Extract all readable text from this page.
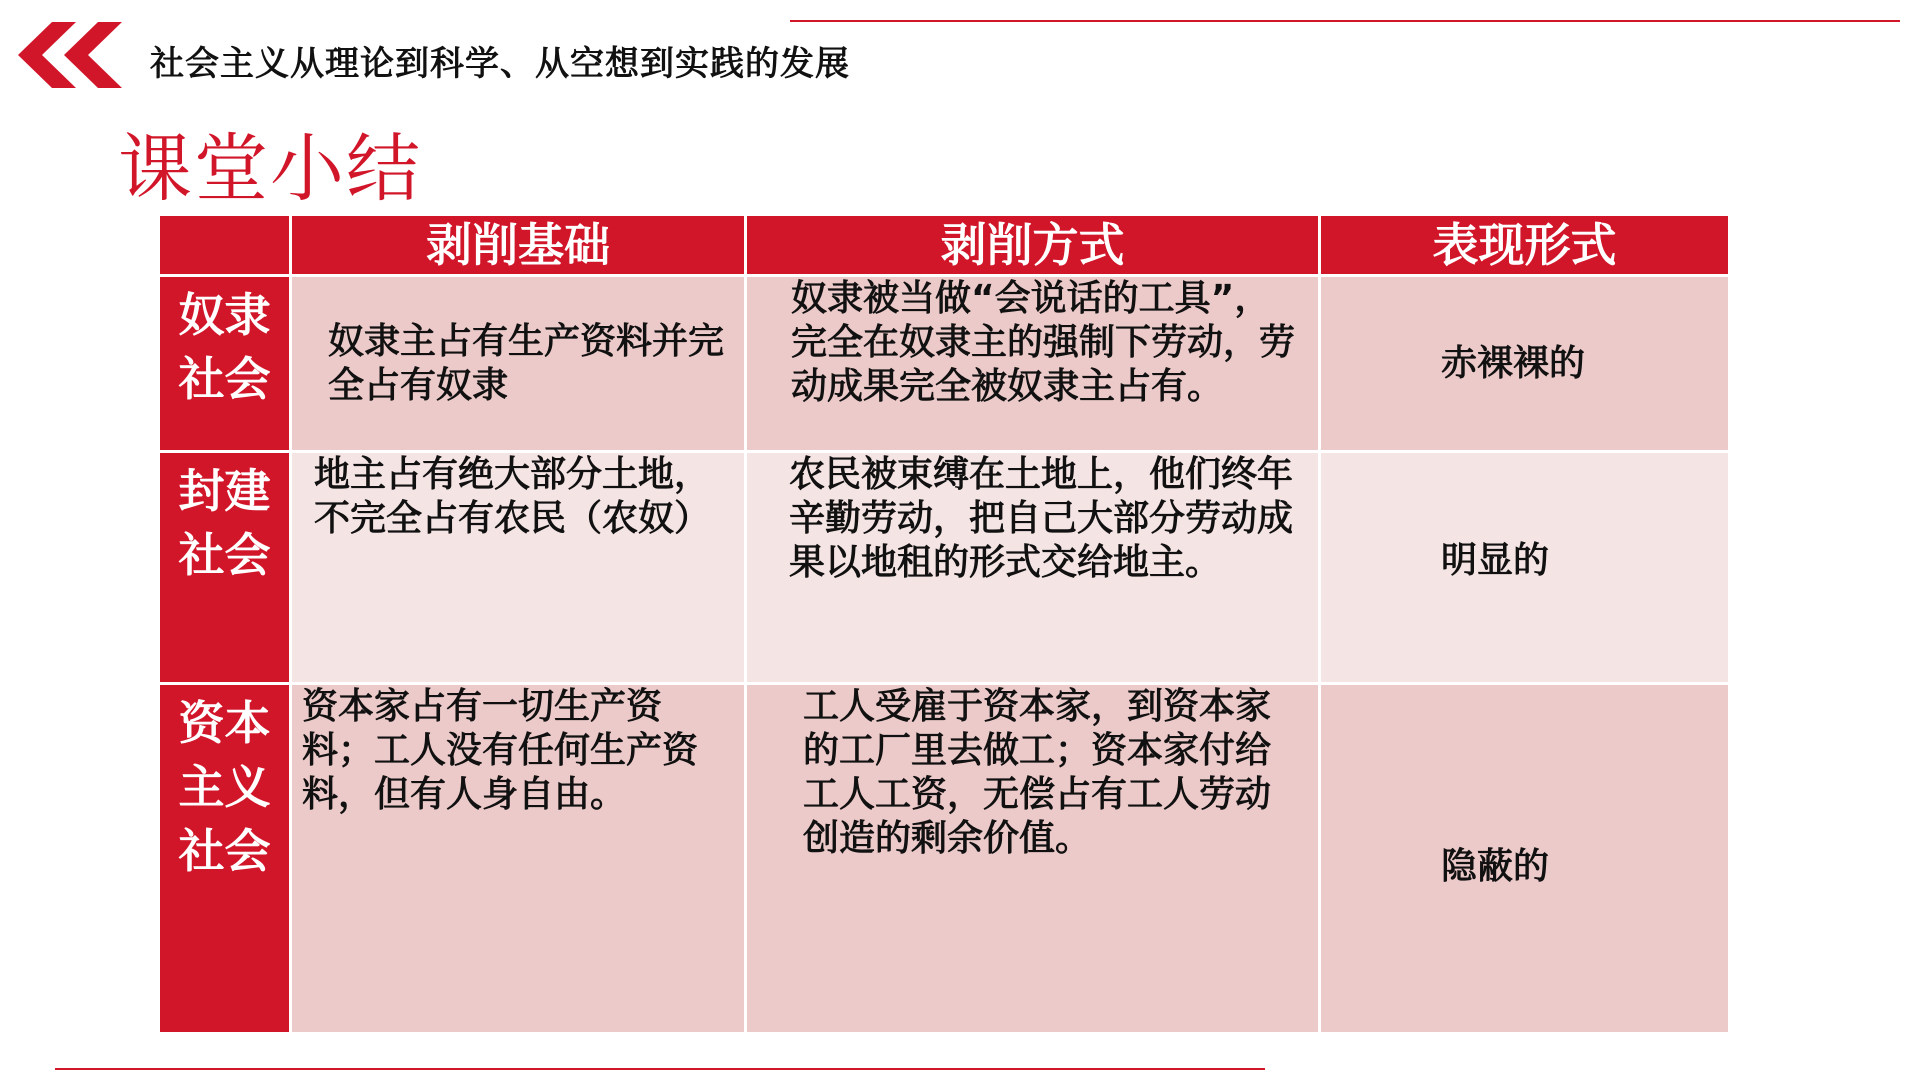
社会主义从理论到科学、从空想到实践的发展
课堂小结
	剥削基础	剥削方式	表现形式
奴隶社会	奴隶主占有生产资料并完全占有奴隶	奴隶被当做“会说话的工具”，完全在奴隶主的强制下劳动，劳动成果完全被奴隶主占有。	赤裸裸的
封建社会	地主占有绝大部分土地，不完全占有农民（农奴）	农民被束缚在土地上，他们终年辛勤劳动，把自己大部分劳动成果以地租的形式交给地主。	明显的
资本主义社会	资本家占有一切生产资料；工人没有任何生产资料，但有人身自由。	工人受雇于资本家，到资本家的工厂里去做工；资本家付给工人工资，无偿占有工人劳动创造的剩余价值。	隐蔽的
